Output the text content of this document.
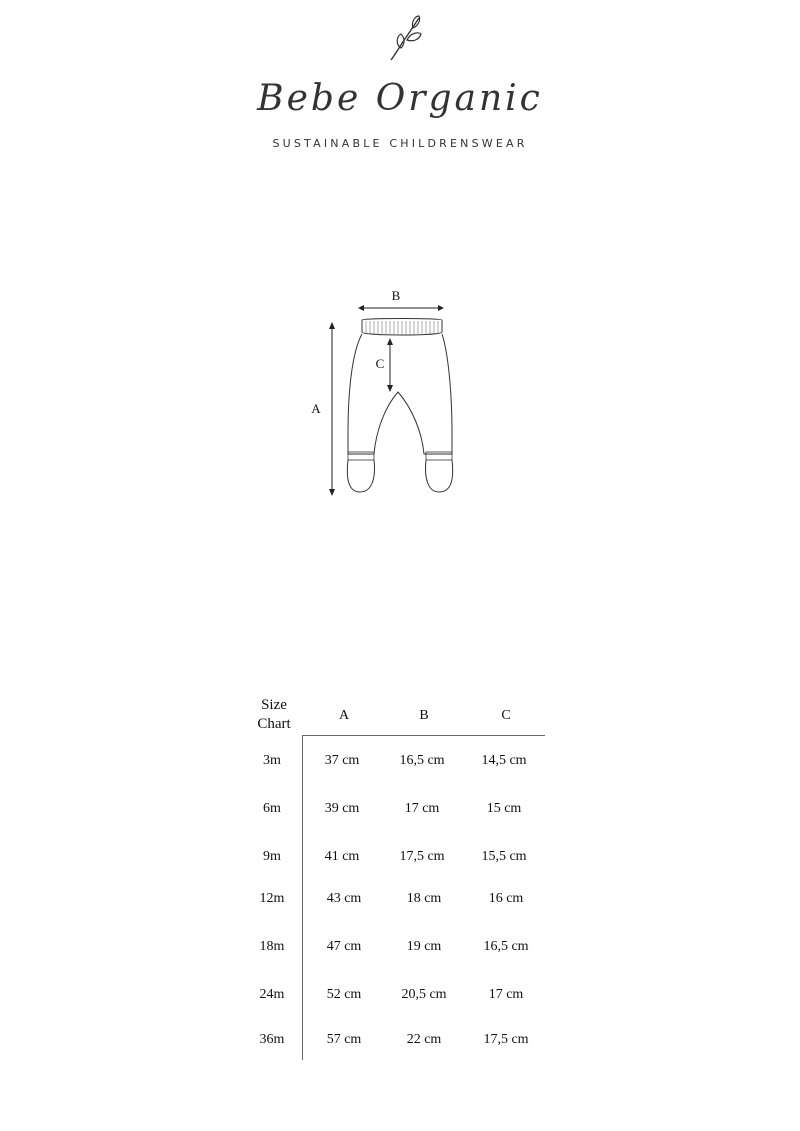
Bebe Organic
SUSTAINABLE CHILDRENSWEAR
B
A
C
Size
Chart
A	B	C
3m	37 cm	16,5 cm	14,5 cm
6m	39 cm	17 cm	15 cm
9m	41 cm	17,5 cm	15,5 cm
12m	43 cm	18 cm	16 cm
18m	47 cm	19 cm	16,5 cm
24m	52 cm	20,5 cm	17 cm
36m	57 cm	22 cm	17,5 cm
